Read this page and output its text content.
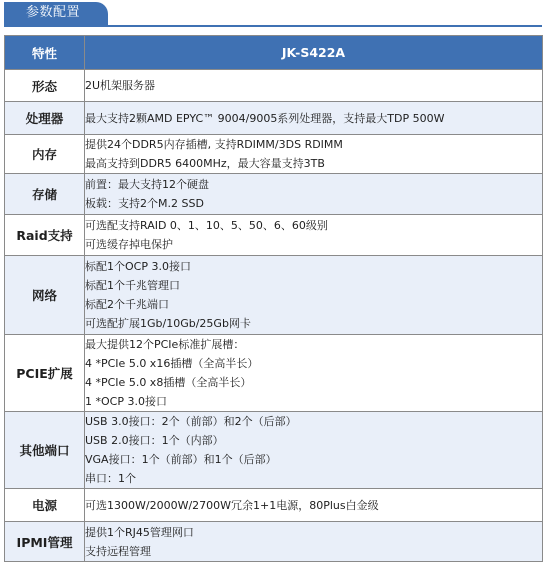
参数配置
特性	JK-S422A
形态	2U机架服务器

处理器	最大支持2颗AMD EPYC™ 9004/9005系列处理器，支持最大TDP 500W

内存	提供24个DDR5内存插槽, 支持RDIMM/3DS RDIMM
最高支持到DDR5 6400MHz，最大容量支持3TB

存储	前置：最大支持12个硬盘
板载：支持2个M.2 SSD

Raid支持	可选配支持RAID 0、1、10、5、50、6、60级别
可选缓存掉电保护

网络	标配1个OCP 3.0接口
标配1个千兆管理口
标配2个千兆端口
可选配扩展1Gb/10Gb/25Gb网卡

PCIE扩展	最大提供12个PCIe标准扩展槽：
4 *PCIe 5.0 x16插槽（全高半长）
4 *PCIe 5.0 x8插槽（全高半长）
1 *OCP 3.0接口

其他端口	USB 3.0接口：2个（前部）和2个（后部）
USB 2.0接口：1个（内部）
VGA接口：1个（前部）和1个（后部）
串口：1个

电源	可选1300W/2000W/2700W冗余1+1电源，80Plus白金级

IPMI管理	提供1个RJ45管理网口
支持远程管理
